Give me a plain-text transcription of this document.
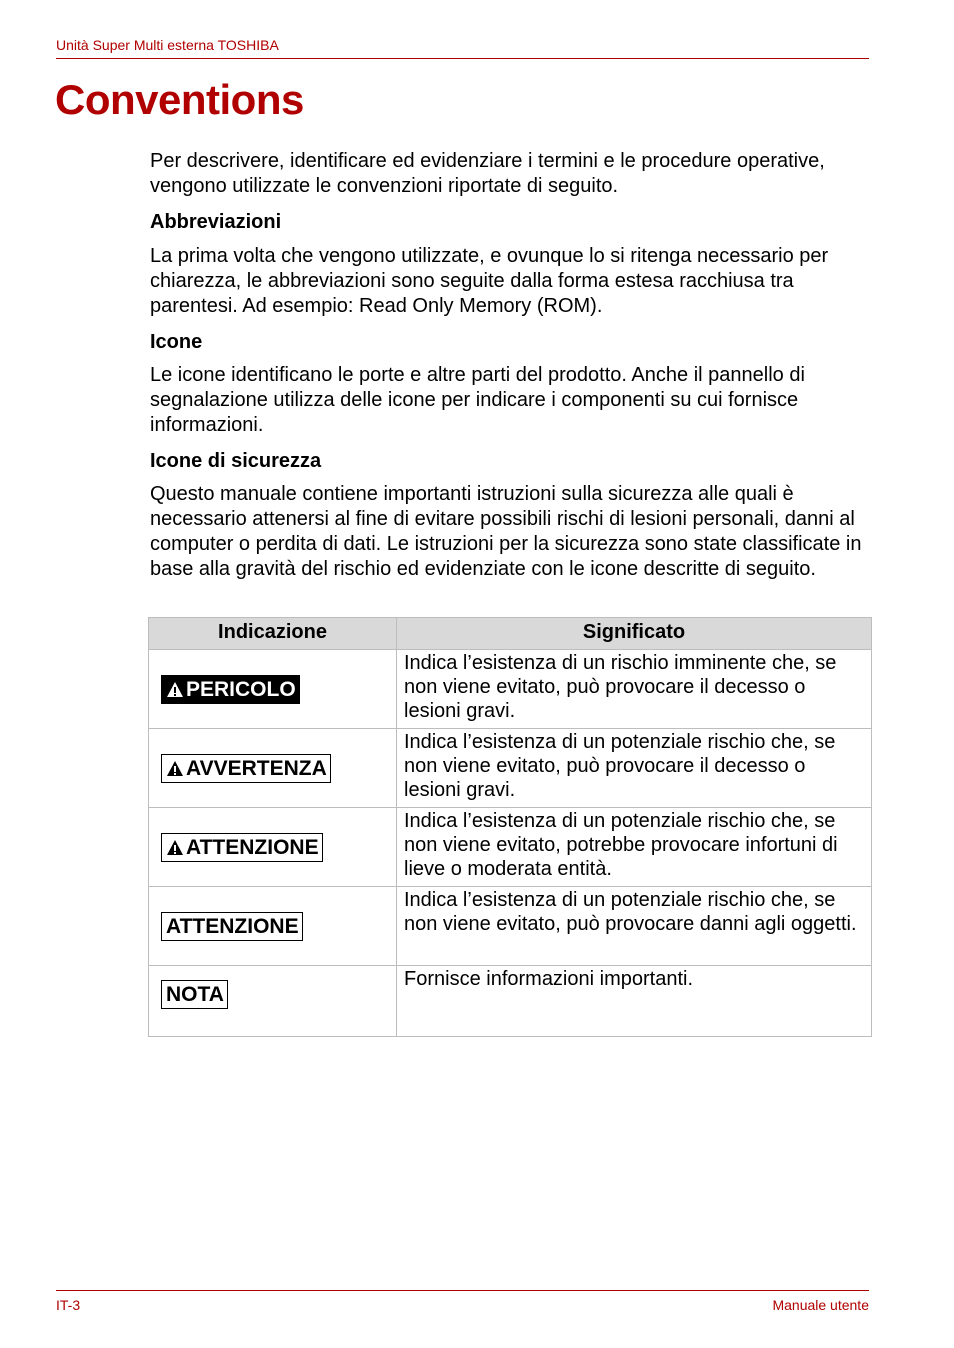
Unità Super Multi esterna TOSHIBA
Conventions

Per descrivere, identificare ed evidenziare i termini e le procedure operative, vengono utilizzate le convenzioni riportate di seguito.

Abbreviazioni

La prima volta che vengono utilizzate, e ovunque lo si ritenga necessario per chiarezza, le abbreviazioni sono seguite dalla forma estesa racchiusa tra parentesi. Ad esempio: Read Only Memory (ROM).

Icone

Le icone identificano le porte e altre parti del prodotto. Anche il pannello di segnalazione utilizza delle icone per indicare i componenti su cui fornisce informazioni.

Icone di sicurezza

Questo manuale contiene importanti istruzioni sulla sicurezza alle quali è necessario attenersi al fine di evitare possibili rischi di lesioni personali, danni al computer o perdita di dati. Le istruzioni per la sicurezza sono state classificate in base alla gravità del rischio ed evidenziate con le icone descritte di seguito.

Indicazione	Significato

PERICOLO	Indica l’esistenza di un rischio imminente che, se non viene evitato, può provocare il decesso o lesioni gravi.

AVVERTENZA	Indica l’esistenza di un potenziale rischio che, se non viene evitato, può provocare il decesso o lesioni gravi.

ATTENZIONE	Indica l’esistenza di un potenziale rischio che, se non viene evitato, potrebbe provocare infortuni di lieve o moderata entità.

ATTENZIONE	Indica l’esistenza di un potenziale rischio che, se non viene evitato, può provocare danni agli oggetti.

NOTA	Fornisce informazioni importanti.
IT-3	Manuale utente
